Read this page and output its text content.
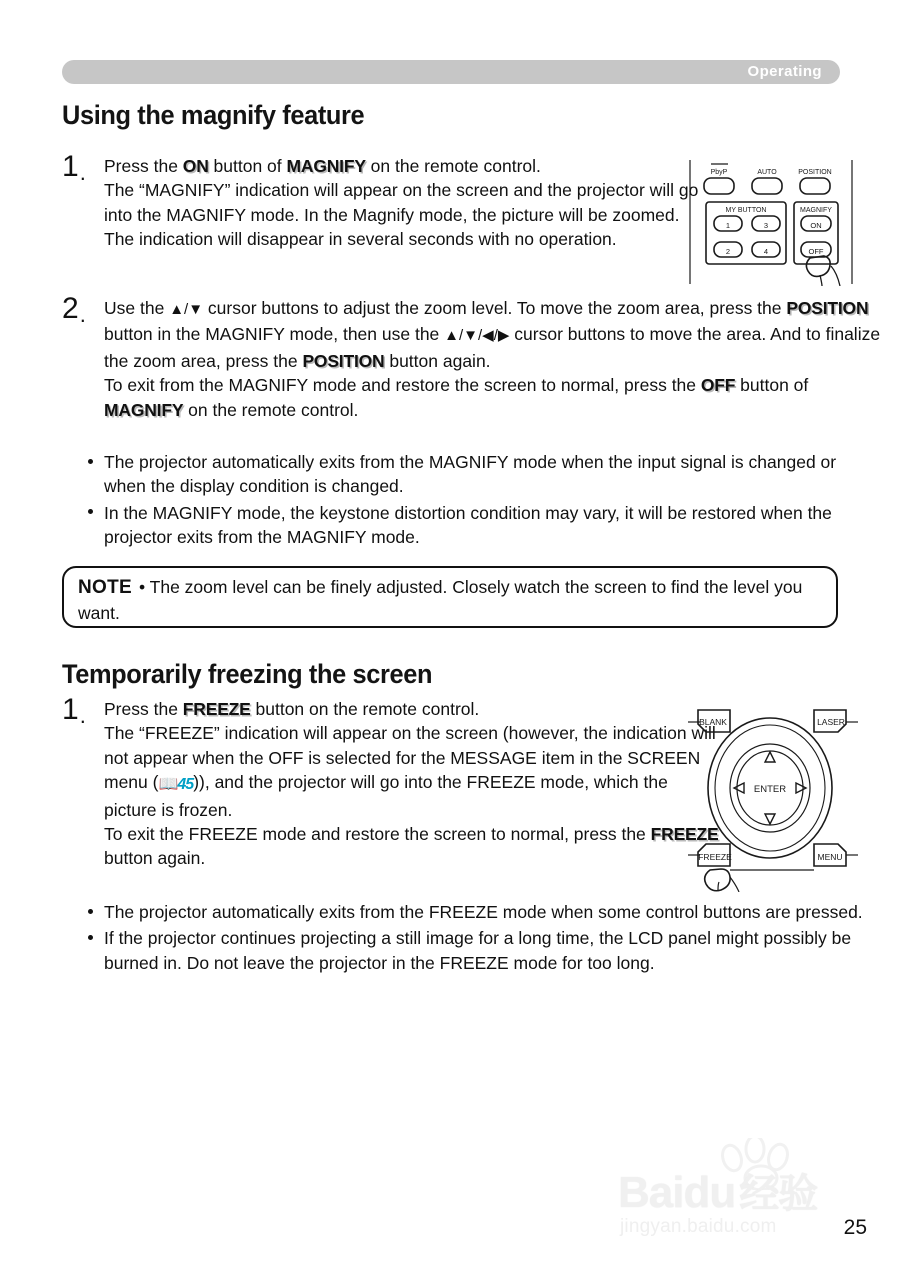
Operating
Using the magnify feature
1. Press the ON button of MAGNIFY on the remote control.
The “MAGNIFY” indication will appear on the screen and the projector will go into the MAGNIFY mode. In the Magnify mode, the picture will be zoomed. The indication will disappear in several seconds with no operation.
2. Use the ▲/▼ cursor buttons to adjust the zoom level. To move the zoom area, press the POSITION button in the MAGNIFY mode, then use the ▲/▼/◀/▶ cursor buttons to move the area. And to finalize the zoom area, press the POSITION button again.
To exit from the MAGNIFY mode and restore the screen to normal, press the OFF button of MAGNIFY on the remote control.
The projector automatically exits from the MAGNIFY mode when the input signal is changed or when the display condition is changed.
In the MAGNIFY mode, the keystone distortion condition may vary, it will be restored when the projector exits from the MAGNIFY mode.
NOTE • The zoom level can be finely adjusted. Closely watch the screen to find the level you want.
Temporarily freezing the screen
1. Press the FREEZE button on the remote control.
The “FREEZE” indication will appear on the screen (however, the indication will not appear when the OFF is selected for the MESSAGE item in the SCREEN menu (📖45)), and the projector will go into the FREEZE mode, which the picture is frozen.
To exit the FREEZE mode and restore the screen to normal, press the FREEZE button again.
The projector automatically exits from the FREEZE mode when some control buttons are pressed.
If the projector continues projecting a still image for a long time, the LCD panel might possibly be burned in. Do not leave the projector in the FREEZE mode for too long.
PbyP	AUTO	POSITION
MY BUTTON
1	3
2	4
MAGNIFY
ON
OFF
BLANK	LASER
FREEZE	MENU
ENTER
Baidu 经验
jingyan.baidu.com	25
